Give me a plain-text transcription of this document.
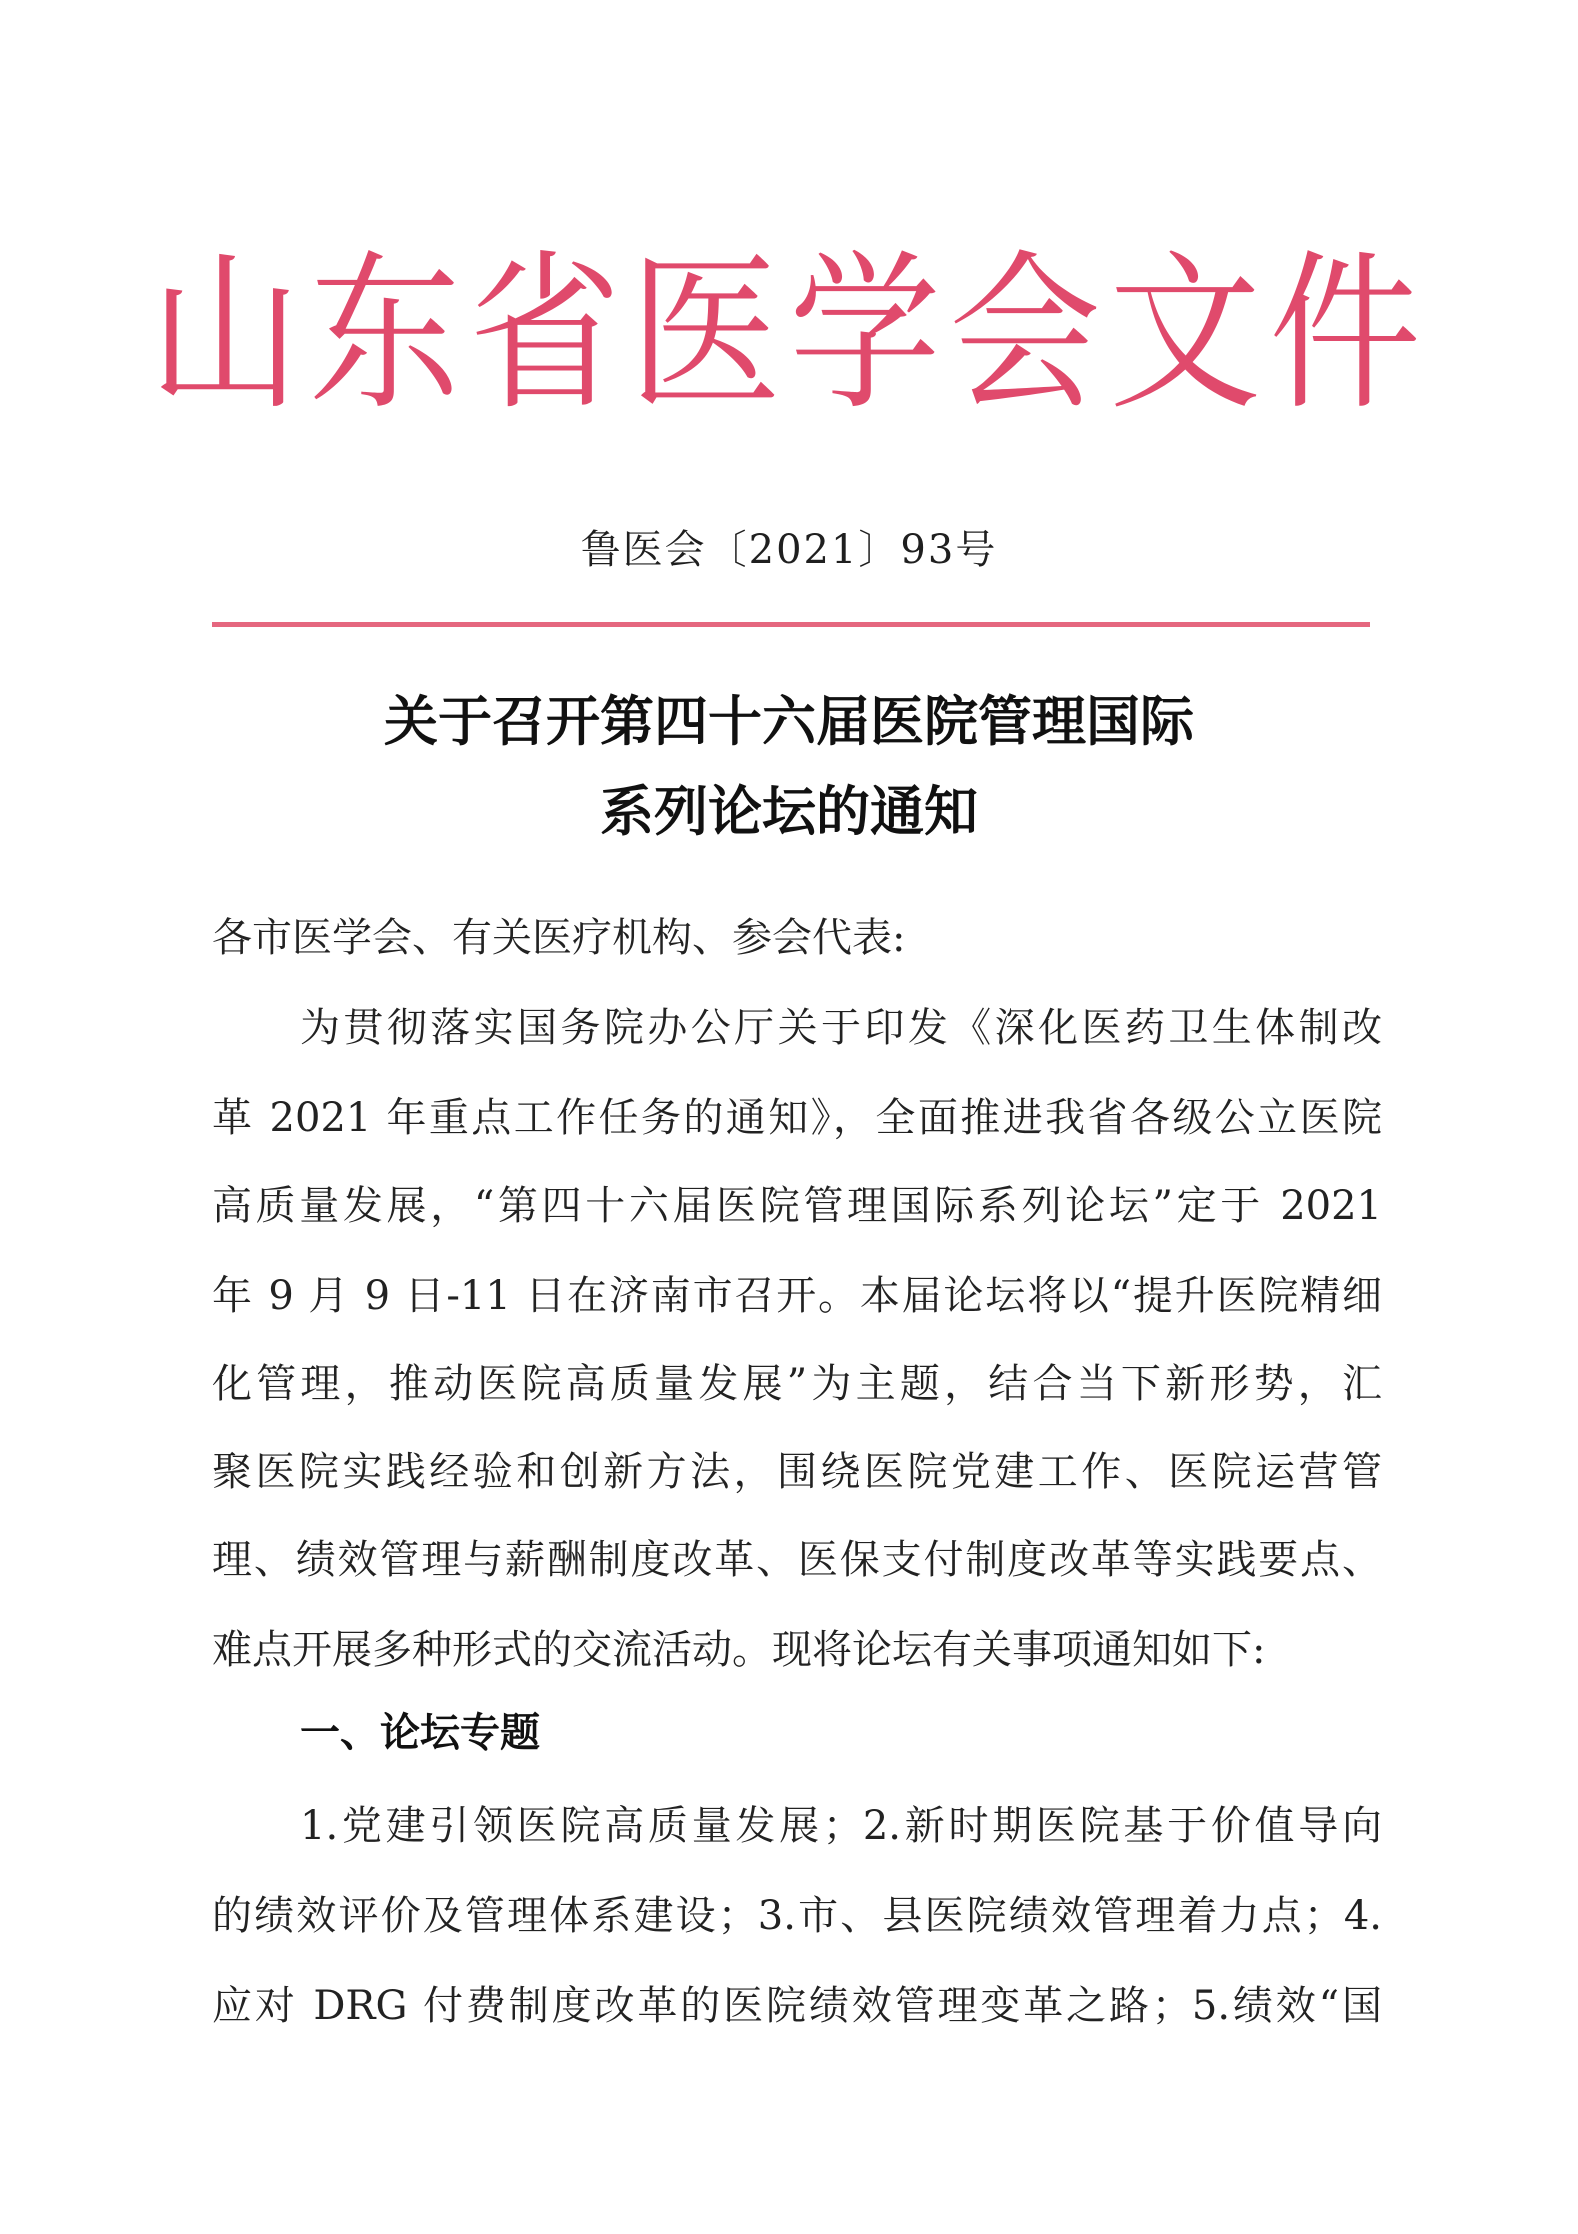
山东省医学会文件
鲁医会〔2021〕93号
关于召开第四十六届医院管理国际
系列论坛的通知
各市医学会、有关医疗机构、参会代表:
为贯彻落实国务院办公厅关于印发《深化医药卫生体制改
革 2021 年重点工作任务的通知》，全面推进我省各级公立医院
高质量发展，“第四十六届医院管理国际系列论坛”定于 2021
年 9 月 9 日-11 日在济南市召开。本届论坛将以“提升医院精细
化管理，推动医院高质量发展”为主题，结合当下新形势，汇
聚医院实践经验和创新方法，围绕医院党建工作、医院运营管
理、绩效管理与薪酬制度改革、医保支付制度改革等实践要点、
难点开展多种形式的交流活动。现将论坛有关事项通知如下:
一、论坛专题
1.党建引领医院高质量发展；2.新时期医院基于价值导向
的绩效评价及管理体系建设；3.市、县医院绩效管理着力点；4.
应对 DRG 付费制度改革的医院绩效管理变革之路；5.绩效“国
